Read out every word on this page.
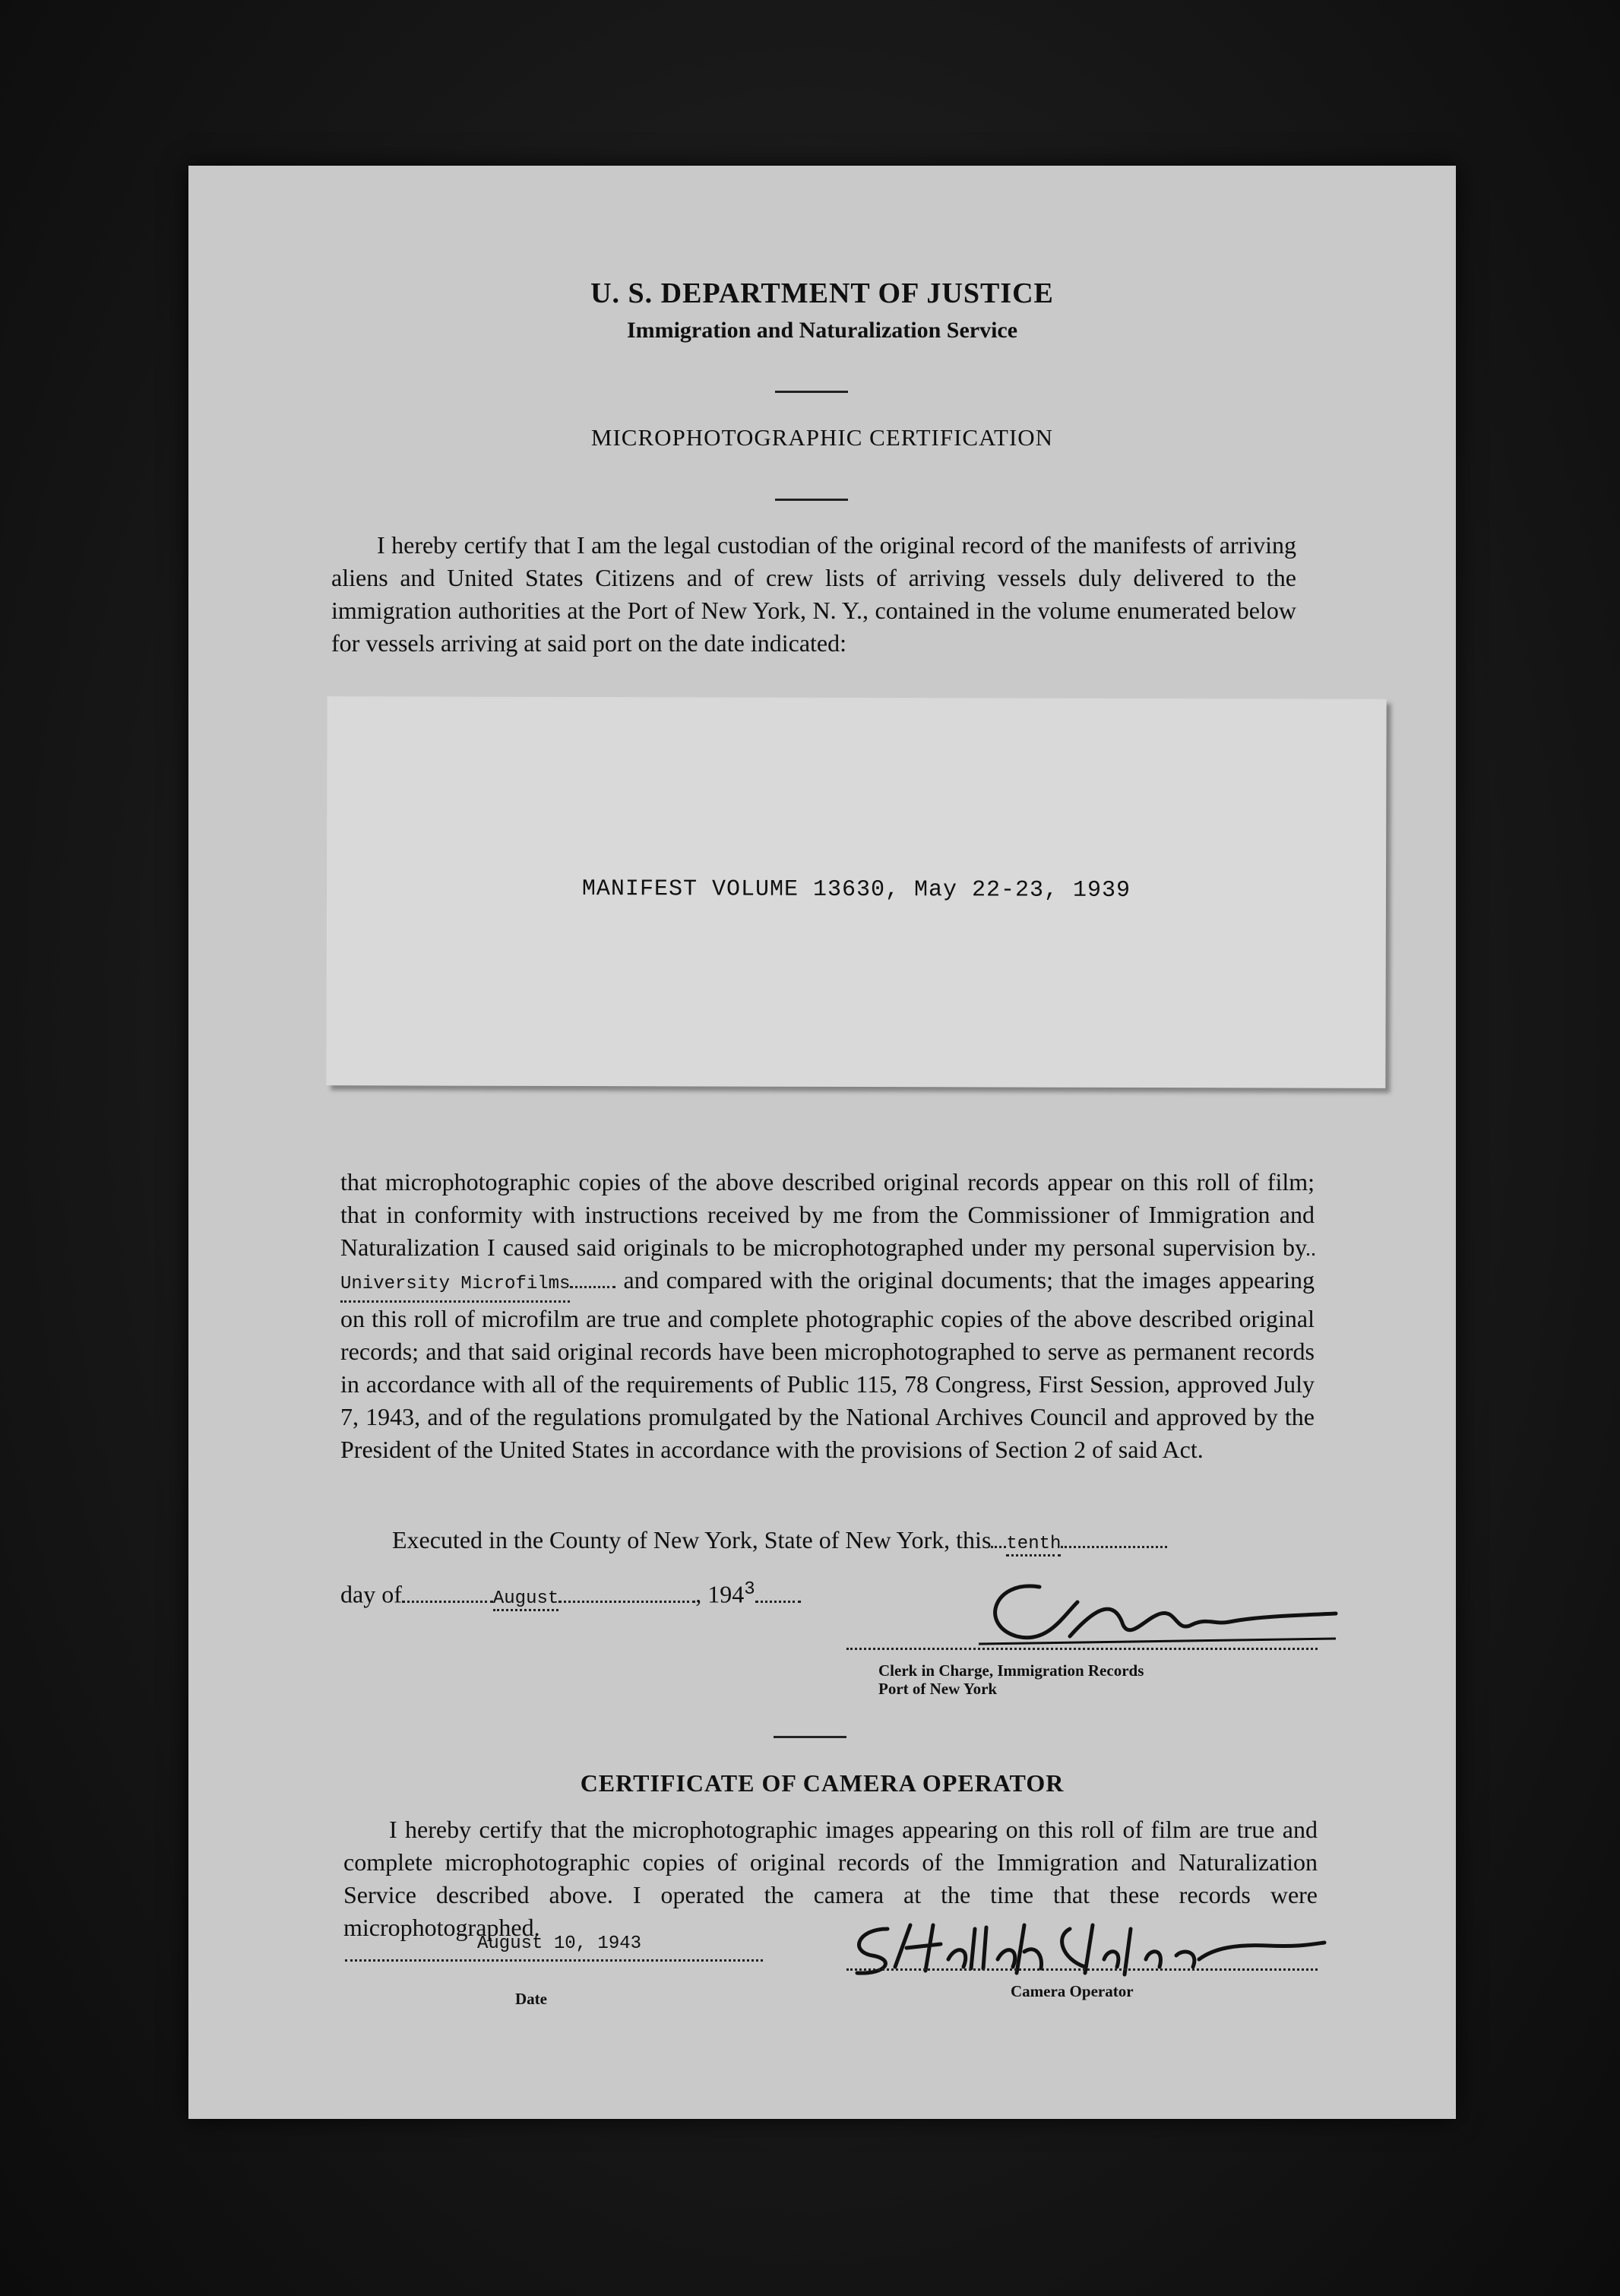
U. S. DEPARTMENT OF JUSTICE
Immigration and Naturalization Service
MICROPHOTOGRAPHIC CERTIFICATION
I hereby certify that I am the legal custodian of the original record of the manifests of arriving aliens and United States Citizens and of crew lists of arriving vessels duly delivered to the immigration authorities at the Port of New York, N. Y., contained in the volume enumerated below for vessels arriving at said port on the date indicated:
MANIFEST VOLUME 13630, May 22-23, 1939
that microphotographic copies of the above described original records appear on this roll of film; that in conformity with instructions received by me from the Commissioner of Immigration and Naturalization I caused said originals to be microphotographed under my personal supervision byUniversity Microfilms and compared with the original documents; that the images appearing on this roll of microfilm are true and complete photographic copies of the above described original records; and that said original records have been microphotographed to serve as permanent records in accordance with all of the requirements of Public 115, 78 Congress, First Session, approved July 7, 1943, and of the regulations promulgated by the National Archives Council and approved by the President of the United States in accordance with the provisions of Section 2 of said Act.
Executed in the County of New York, State of New York, this tenth
day of	August	, $194^3$
Clerk in Charge, Immigration Records
Port of New York
CERTIFICATE OF CAMERA OPERATOR
I hereby certify that the microphotographic images appearing on this roll of film are true and complete microphotographic copies of original records of the Immigration and Naturalization Service described above. I operated the camera at the time that these records were microphotographed.
August 10, 1943
Date	Camera Operator
